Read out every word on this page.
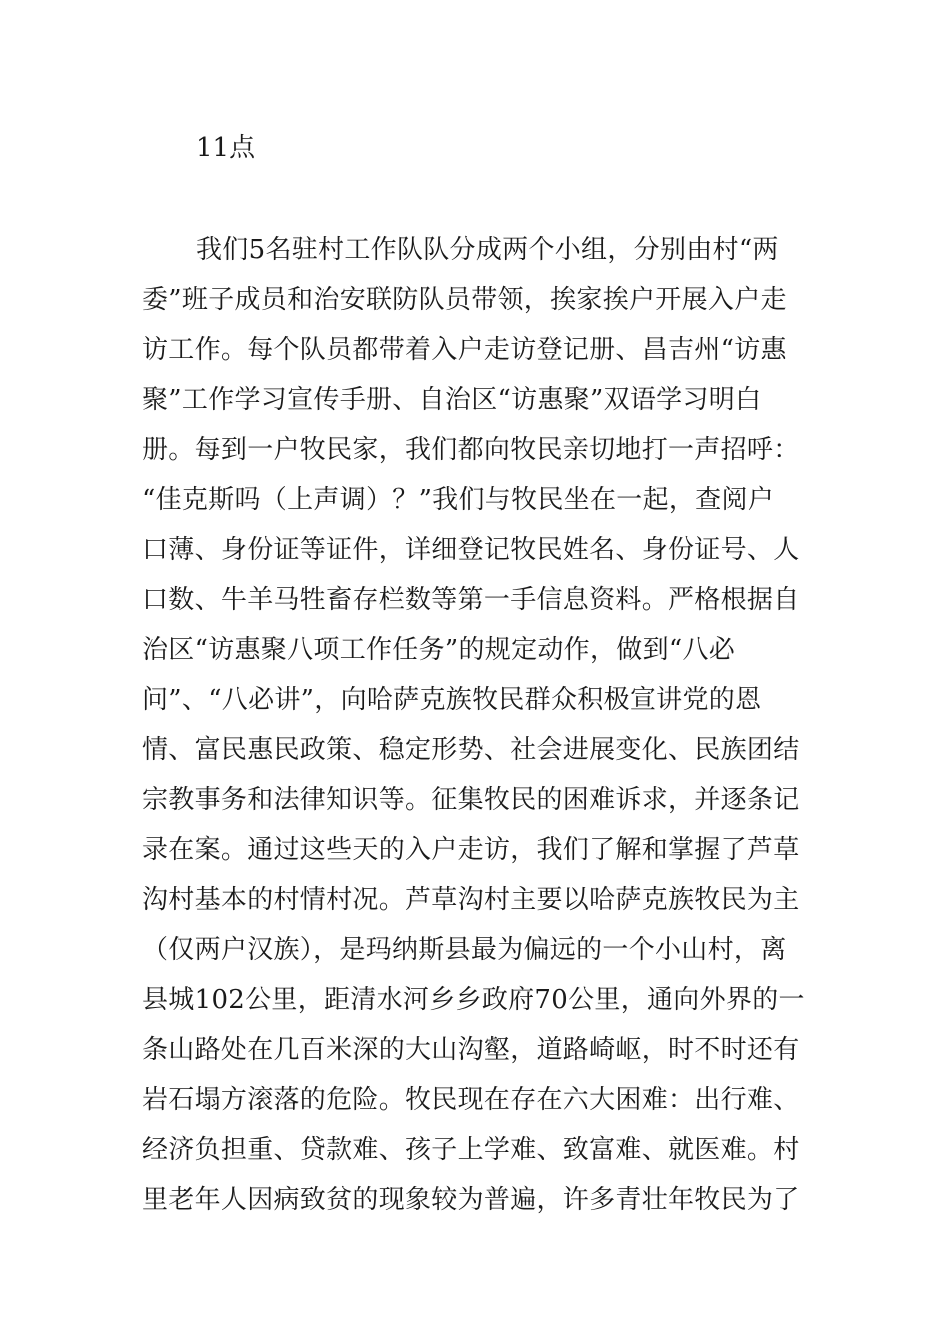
11点
我们5名驻村工作队队分成两个小组，分别由村“两
委”班子成员和治安联防队员带领，挨家挨户开展入户走
访工作。每个队员都带着入户走访登记册、昌吉州“访惠
聚”工作学习宣传手册、自治区“访惠聚”双语学习明白
册。每到一户牧民家，我们都向牧民亲切地打一声招呼：
“佳克斯吗（上声调）？”我们与牧民坐在一起，查阅户
口薄、身份证等证件，详细登记牧民姓名、身份证号、人
口数、牛羊马牲畜存栏数等第一手信息资料。严格根据自
治区“访惠聚八项工作任务”的规定动作，做到“八必
问”、“八必讲”，向哈萨克族牧民群众积极宣讲党的恩
情、富民惠民政策、稳定形势、社会进展变化、民族团结
宗教事务和法律知识等。征集牧民的困难诉求，并逐条记
录在案。通过这些天的入户走访，我们了解和掌握了芦草
沟村基本的村情村况。芦草沟村主要以哈萨克族牧民为主
（仅两户汉族），是玛纳斯县最为偏远的一个小山村，离
县城102公里，距清水河乡乡政府70公里，通向外界的一
条山路处在几百米深的大山沟壑，道路崎岖，时不时还有
岩石塌方滚落的危险。牧民现在存在六大困难：出行难、
经济负担重、贷款难、孩子上学难、致富难、就医难。村
里老年人因病致贫的现象较为普遍，许多青壮年牧民为了
